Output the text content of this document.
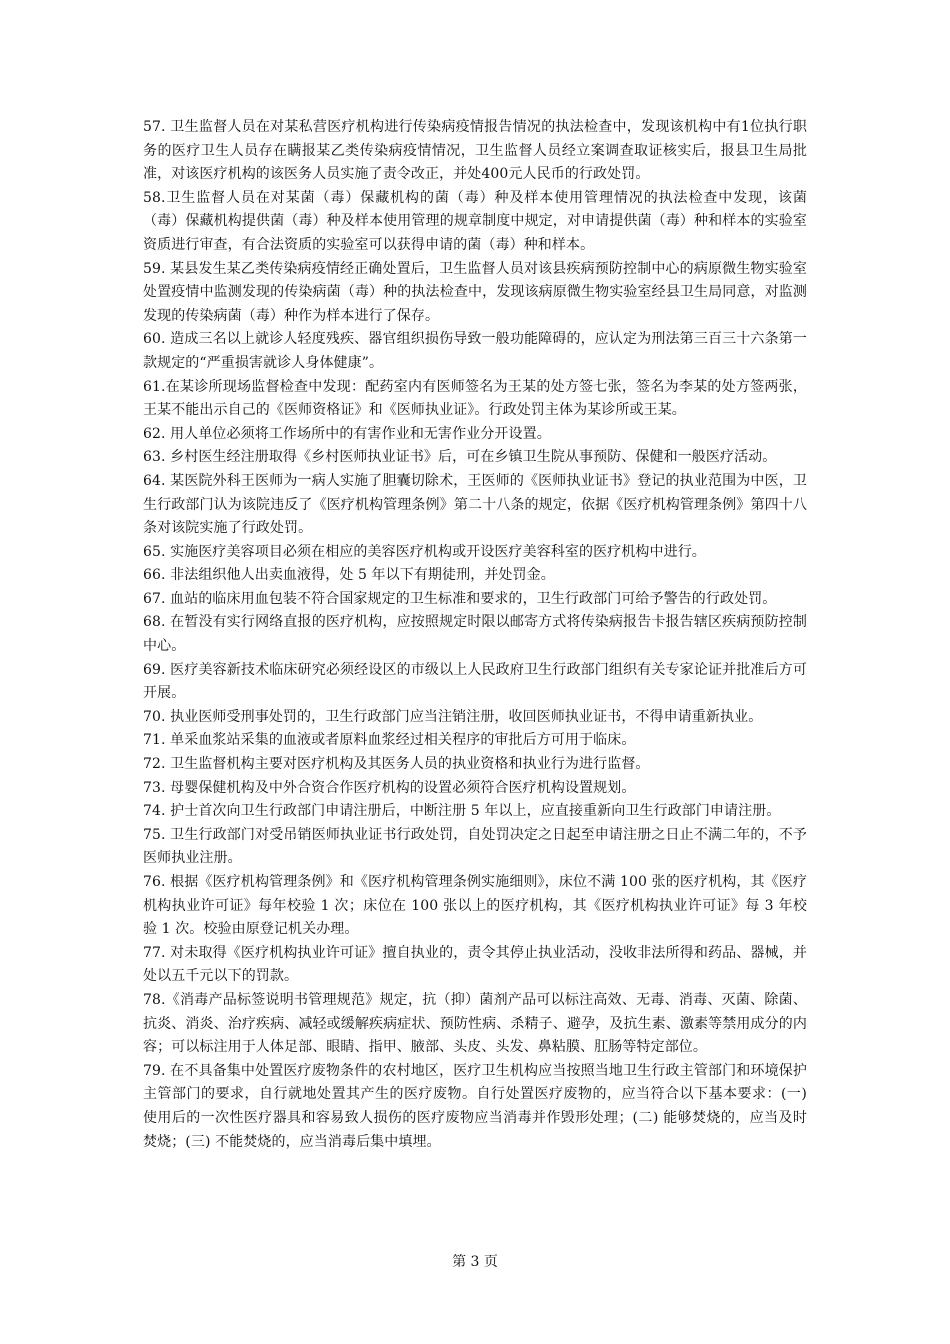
57. 卫生监督人员在对某私营医疗机构进行传染病疫情报告情况的执法检查中，发现该机构中有1位执行职务的医疗卫生人员存在瞒报某乙类传染病疫情情况，卫生监督人员经立案调查取证核实后，报县卫生局批准，对该医疗机构的该医务人员实施了责令改正，并处400元人民币的行政处罚。

58.卫生监督人员在对某菌（毒）保藏机构的菌（毒）种及样本使用管理情况的执法检查中发现，该菌（毒）保藏机构提供菌（毒）种及样本使用管理的规章制度中规定，对申请提供菌（毒）种和样本的实验室资质进行审查，有合法资质的实验室可以获得申请的菌（毒）种和样本。

59. 某县发生某乙类传染病疫情经正确处置后，卫生监督人员对该县疾病预防控制中心的病原微生物实验室处置疫情中监测发现的传染病菌（毒）种的执法检查中，发现该病原微生物实验室经县卫生局同意，对监测发现的传染病菌（毒）种作为样本进行了保存。

60. 造成三名以上就诊人轻度残疾、器官组织损伤导致一般功能障碍的，应认定为刑法第三百三十六条第一款规定的“严重损害就诊人身体健康”。

61.在某诊所现场监督检查中发现：配药室内有医师签名为王某的处方签七张，签名为李某的处方签两张，王某不能出示自己的《医师资格证》和《医师执业证》。行政处罚主体为某诊所或王某。

62. 用人单位必须将工作场所中的有害作业和无害作业分开设置。

63. 乡村医生经注册取得《乡村医师执业证书》后，可在乡镇卫生院从事预防、保健和一般医疗活动。

64. 某医院外科王医师为一病人实施了胆囊切除术，王医师的《医师执业证书》登记的执业范围为中医，卫生行政部门认为该院违反了《医疗机构管理条例》第二十八条的规定，依据《医疗机构管理条例》第四十八条对该院实施了行政处罚。

65. 实施医疗美容项目必须在相应的美容医疗机构或开设医疗美容科室的医疗机构中进行。

66. 非法组织他人出卖血液得，处 5 年以下有期徒刑，并处罚金。

67. 血站的临床用血包装不符合国家规定的卫生标准和要求的，卫生行政部门可给予警告的行政处罚。

68. 在暂没有实行网络直报的医疗机构，应按照规定时限以邮寄方式将传染病报告卡报告辖区疾病预防控制中心。

69. 医疗美容新技术临床研究必须经设区的市级以上人民政府卫生行政部门组织有关专家论证并批准后方可开展。

70. 执业医师受刑事处罚的，卫生行政部门应当注销注册，收回医师执业证书，不得申请重新执业。

71. 单采血浆站采集的血液或者原料血浆经过相关程序的审批后方可用于临床。

72. 卫生监督机构主要对医疗机构及其医务人员的执业资格和执业行为进行监督。

73. 母婴保健机构及中外合资合作医疗机构的设置必须符合医疗机构设置规划。

74. 护士首次向卫生行政部门申请注册后，中断注册 5 年以上，应直接重新向卫生行政部门申请注册。

75. 卫生行政部门对受吊销医师执业证书行政处罚，自处罚决定之日起至申请注册之日止不满二年的，不予医师执业注册。

76. 根据《医疗机构管理条例》和《医疗机构管理条例实施细则》，床位不满 100 张的医疗机构，其《医疗机构执业许可证》每年校验 1 次；床位在 100 张以上的医疗机构，其《医疗机构执业许可证》每 3 年校验 1 次。校验由原登记机关办理。

77. 对未取得《医疗机构执业许可证》擅自执业的，责令其停止执业活动，没收非法所得和药品、器械，并处以五千元以下的罚款。

78.《消毒产品标签说明书管理规范》规定，抗（抑）菌剂产品可以标注高效、无毒、消毒、灭菌、除菌、抗炎、消炎、治疗疾病、减轻或缓解疾病症状、预防性病、杀精子、避孕，及抗生素、激素等禁用成分的内容；可以标注用于人体足部、眼睛、指甲、腋部、头皮、头发、鼻粘膜、肛肠等特定部位。

79. 在不具备集中处置医疗废物条件的农村地区，医疗卫生机构应当按照当地卫生行政主管部门和环境保护主管部门的要求，自行就地处置其产生的医疗废物。自行处置医疗废物的，应当符合以下基本要求：(一) 使用后的一次性医疗器具和容易致人损伤的医疗废物应当消毒并作毁形处理；(二) 能够焚烧的，应当及时焚烧；(三) 不能焚烧的，应当消毒后集中填埋。

第 3 页
